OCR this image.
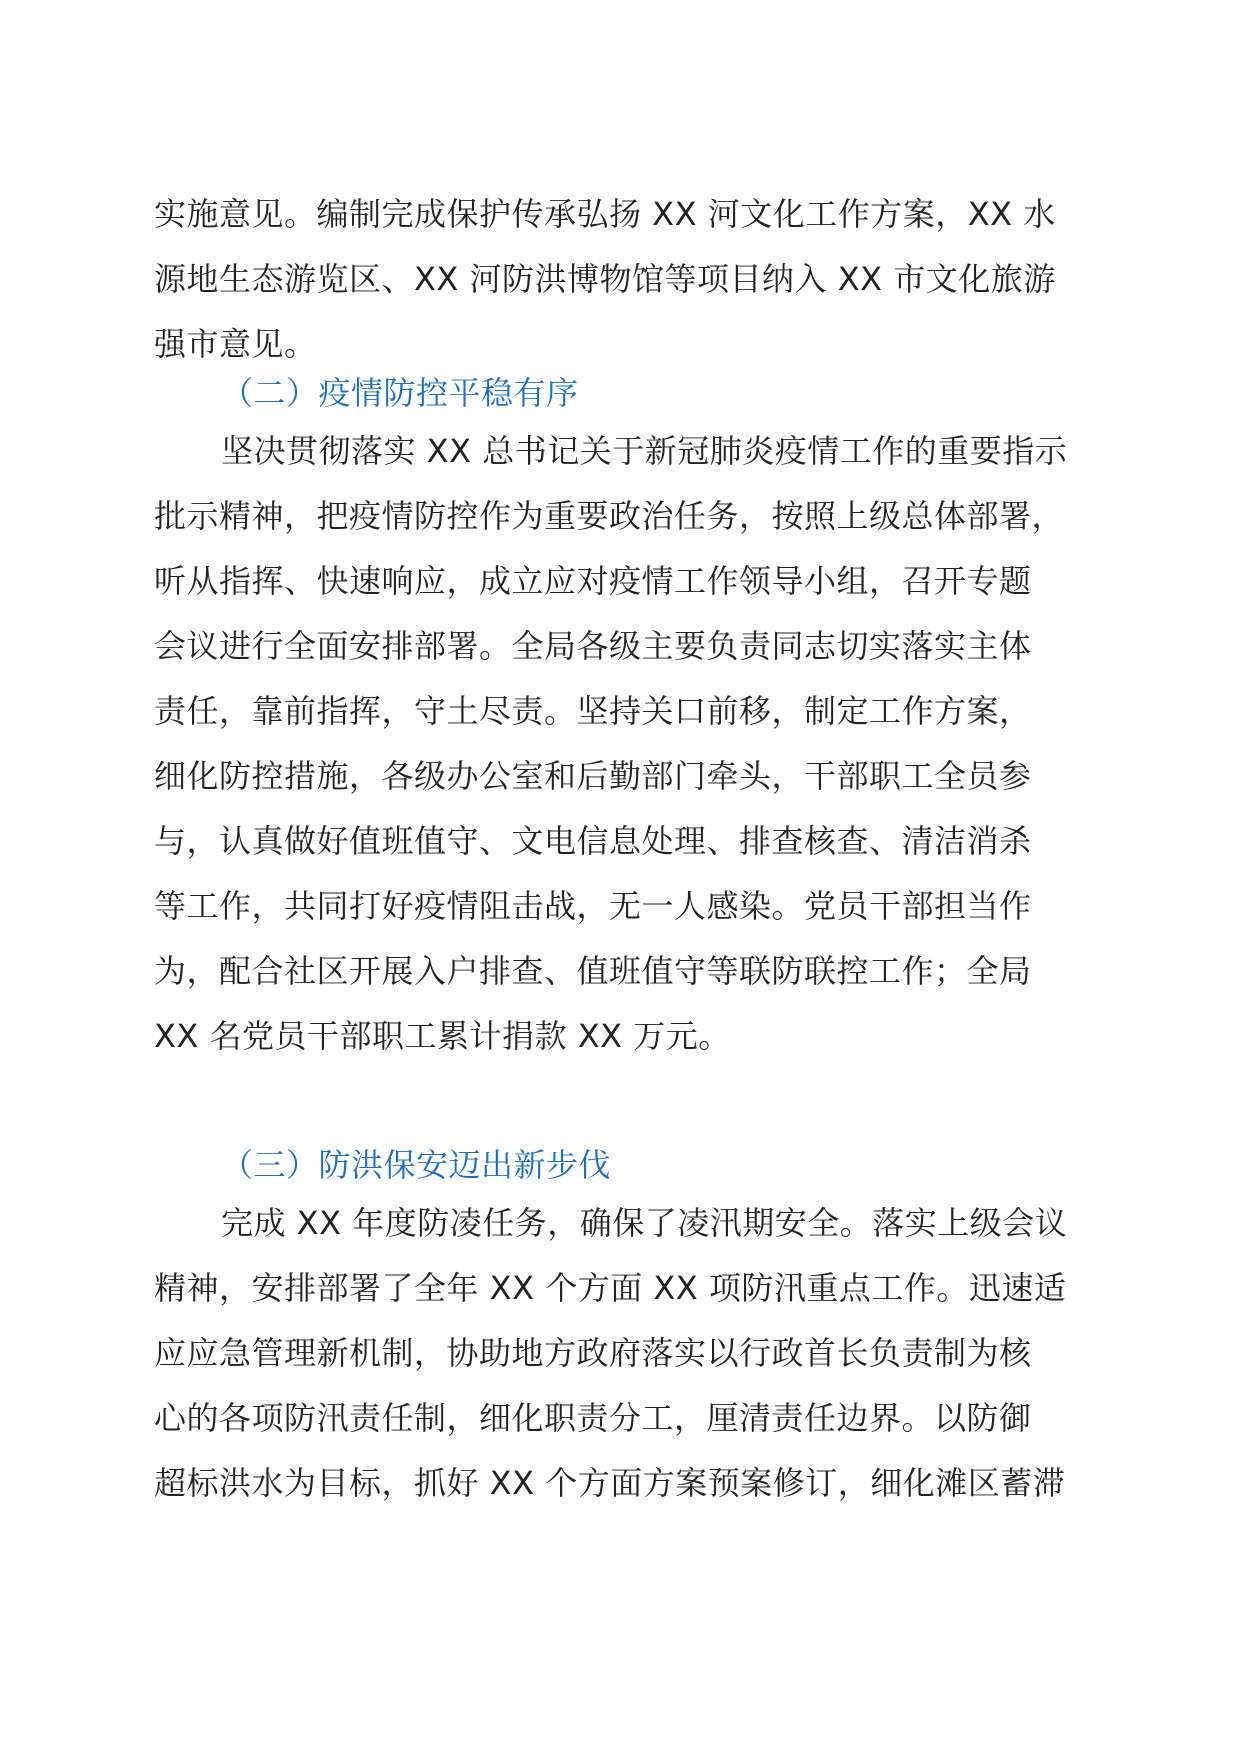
实施意见。编制完成保护传承弘扬 XX 河文化工作方案，XX 水
源地生态游览区、XX 河防洪博物馆等项目纳入 XX 市文化旅游
强市意见。
（二）疫情防控平稳有序
坚决贯彻落实 XX 总书记关于新冠肺炎疫情工作的重要指示
批示精神，把疫情防控作为重要政治任务，按照上级总体部署，
听从指挥、快速响应，成立应对疫情工作领导小组，召开专题
会议进行全面安排部署。全局各级主要负责同志切实落实主体
责任，靠前指挥，守土尽责。坚持关口前移，制定工作方案，
细化防控措施，各级办公室和后勤部门牵头，干部职工全员参
与，认真做好值班值守、文电信息处理、排查核查、清洁消杀
等工作，共同打好疫情阻击战，无一人感染。党员干部担当作
为，配合社区开展入户排查、值班值守等联防联控工作；全局
XX 名党员干部职工累计捐款 XX 万元。
（三）防洪保安迈出新步伐
完成 XX 年度防凌任务，确保了凌汛期安全。落实上级会议
精神，安排部署了全年 XX 个方面 XX 项防汛重点工作。迅速适
应应急管理新机制，协助地方政府落实以行政首长负责制为核
心的各项防汛责任制，细化职责分工，厘清责任边界。以防御
超标洪水为目标，抓好 XX 个方面方案预案修订，细化滩区蓄滞
